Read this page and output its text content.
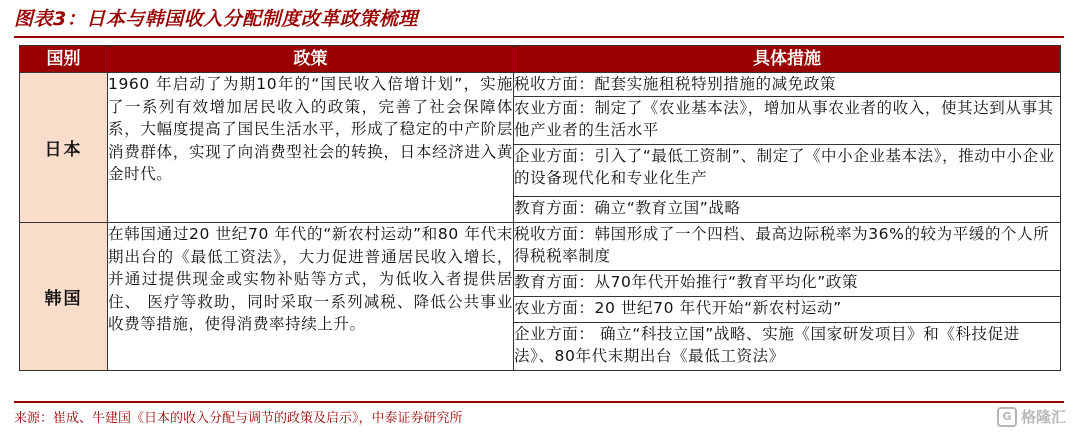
图表3：日本与韩国收入分配制度改革政策梳理
国别	政策	具体措施
日本	1960 年启动了为期10年的“国民收入倍增计划”，实施了一系列有效增加居民收入的政策，完善了社会保障体系，大幅度提高了国民生活水平，形成了稳定的中产阶层消费群体，实现了向消费型社会的转换，日本经济进入黄金时代。	税收方面：配套实施租税特别措施的减免政策
		农业方面：制定了《农业基本法》，增加从事农业者的收入，使其达到从事其他产业者的生活水平
		企业方面：引入了“最低工资制”、制定了《中小企业基本法》，推动中小企业的设备现代化和专业化生产
		教育方面：确立“教育立国”战略
韩国	在韩国通过20 世纪70 年代的“新农村运动”和80 年代末期出台的《最低工资法》，大力促进普通居民收入增长，并通过提供现金或实物补贴等方式，为低收入者提供居住、 医疗等救助，同时采取一系列减税、降低公共事业收费等措施，使得消费率持续上升。	税收方面：韩国形成了一个四档、最高边际税率为36%的较为平缓的个人所得税税率制度
		教育方面：从70年代开始推行“教育平均化”政策
		农业方面：20 世纪70 年代开始“新农村运动”
		企业方面： 确立“科技立国”战略、实施《国家研发项目》和《科技促进法》、80年代末期出台《最低工资法》
来源：崔成、牛建国《日本的收入分配与调节的政策及启示》，中泰证券研究所	G 格隆汇
